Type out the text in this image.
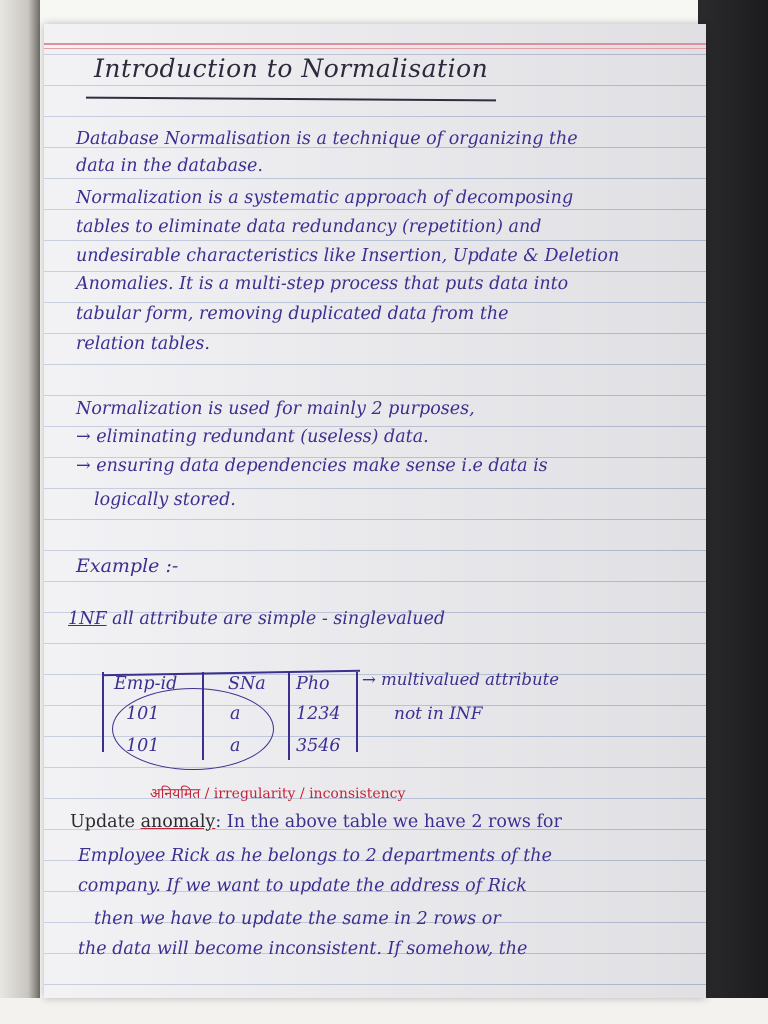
Introduction to Normalisation
Database Normalisation is a technique of organizing the
data in the database.
Normalization is a systematic approach of decomposing
tables to eliminate data redundancy (repetition) and
undesirable characteristics like Insertion, Update & Deletion
Anomalies. It is a multi-step process that puts data into
tabular form, removing duplicated data from the
relation tables.
Normalization is used for mainly 2 purposes,
→ eliminating redundant (useless) data.
→ ensuring data dependencies make sense i.e data is
logically stored.
Example :-
1NF all attribute are simple - singlevalued
Emp-id	SNa Pho
101	a	1234
101	a	3546
→ multivalued attribute
not in INF
अनियमित / irregularity / inconsistency
Update anomaly: In the above table we have 2 rows for
Employee Rick as he belongs to 2 departments of the
company. If we want to update the address of Rick
then we have to update the same in 2 rows or
the data will become inconsistent. If somehow, the
